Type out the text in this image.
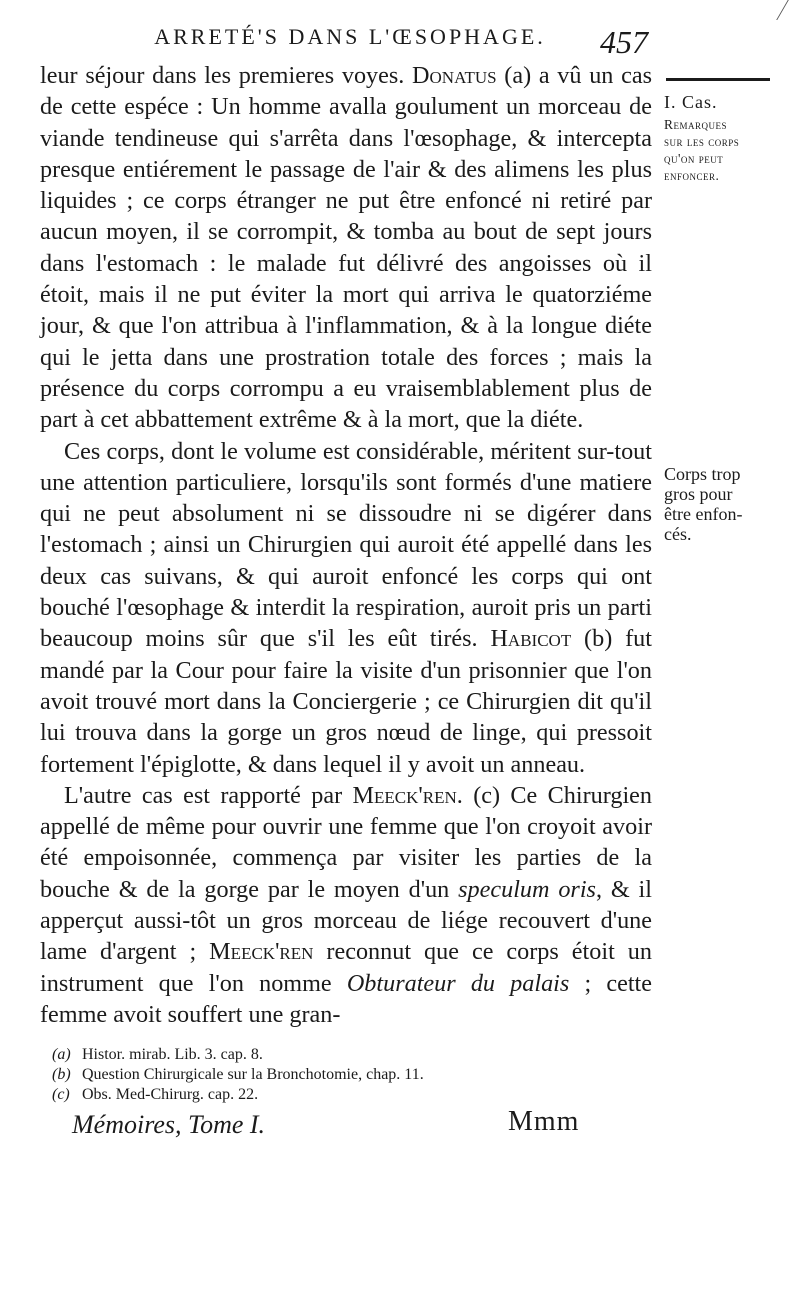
ARRETÉ'S DANS L'ŒSOPHAGE.	457
I. Cas.
Remarques
sur les corps
qu'on peut
enfoncer.
Corps trop
gros pour
être enfon-
cés.

leur séjour dans les premieres voyes. Donatus (a) a vû un cas de cette espéce : Un homme avalla goulument un morceau de viande tendineuse qui s'arrêta dans l'œsophage, & intercepta presque entiérement le passage de l'air & des alimens les plus liquides ; ce corps étranger ne put être enfoncé ni retiré par aucun moyen, il se corrompit, & tomba au bout de sept jours dans l'estomach : le malade fut délivré des angoisses où il étoit, mais il ne put éviter la mort qui arriva le quatorziéme jour, & que l'on attribua à l'inflammation, & à la longue diéte qui le jetta dans une prostration totale des forces ; mais la présence du corps corrompu a eu vraisemblablement plus de part à cet abbattement extrême & à la mort, que la diéte.

Ces corps, dont le volume est considérable, méritent sur-tout une attention particuliere, lorsqu'ils sont formés d'une matiere qui ne peut absolument ni se dissoudre ni se digérer dans l'estomach ; ainsi un Chirurgien qui auroit été appellé dans les deux cas suivans, & qui auroit enfoncé les corps qui ont bouché l'œsophage & interdit la respiration, auroit pris un parti beaucoup moins sûr que s'il les eût tirés. Habicot (b) fut mandé par la Cour pour faire la visite d'un prisonnier que l'on avoit trouvé mort dans la Conciergerie ; ce Chirurgien dit qu'il lui trouva dans la gorge un gros nœud de linge, qui pressoit fortement l'épiglotte, & dans lequel il y avoit un anneau.

L'autre cas est rapporté par Meeck'ren. (c) Ce Chirurgien appellé de même pour ouvrir une femme que l'on croyoit avoir été empoisonnée, commença par visiter les parties de la bouche & de la gorge par le moyen d'un speculum oris, & il apperçut aussi-tôt un gros morceau de liége recouvert d'une lame d'argent ; Meeck'ren reconnut que ce corps étoit un instrument que l'on nomme Obturateur du palais ; cette femme avoit souffert une gran-

(a) Histor. mirab. Lib. 3. cap. 8.
(b) Question Chirurgicale sur la Bronchotomie, chap. 11.
(c) Obs. Med-Chirurg. cap. 22.
Mémoires, Tome I.	Mmm
